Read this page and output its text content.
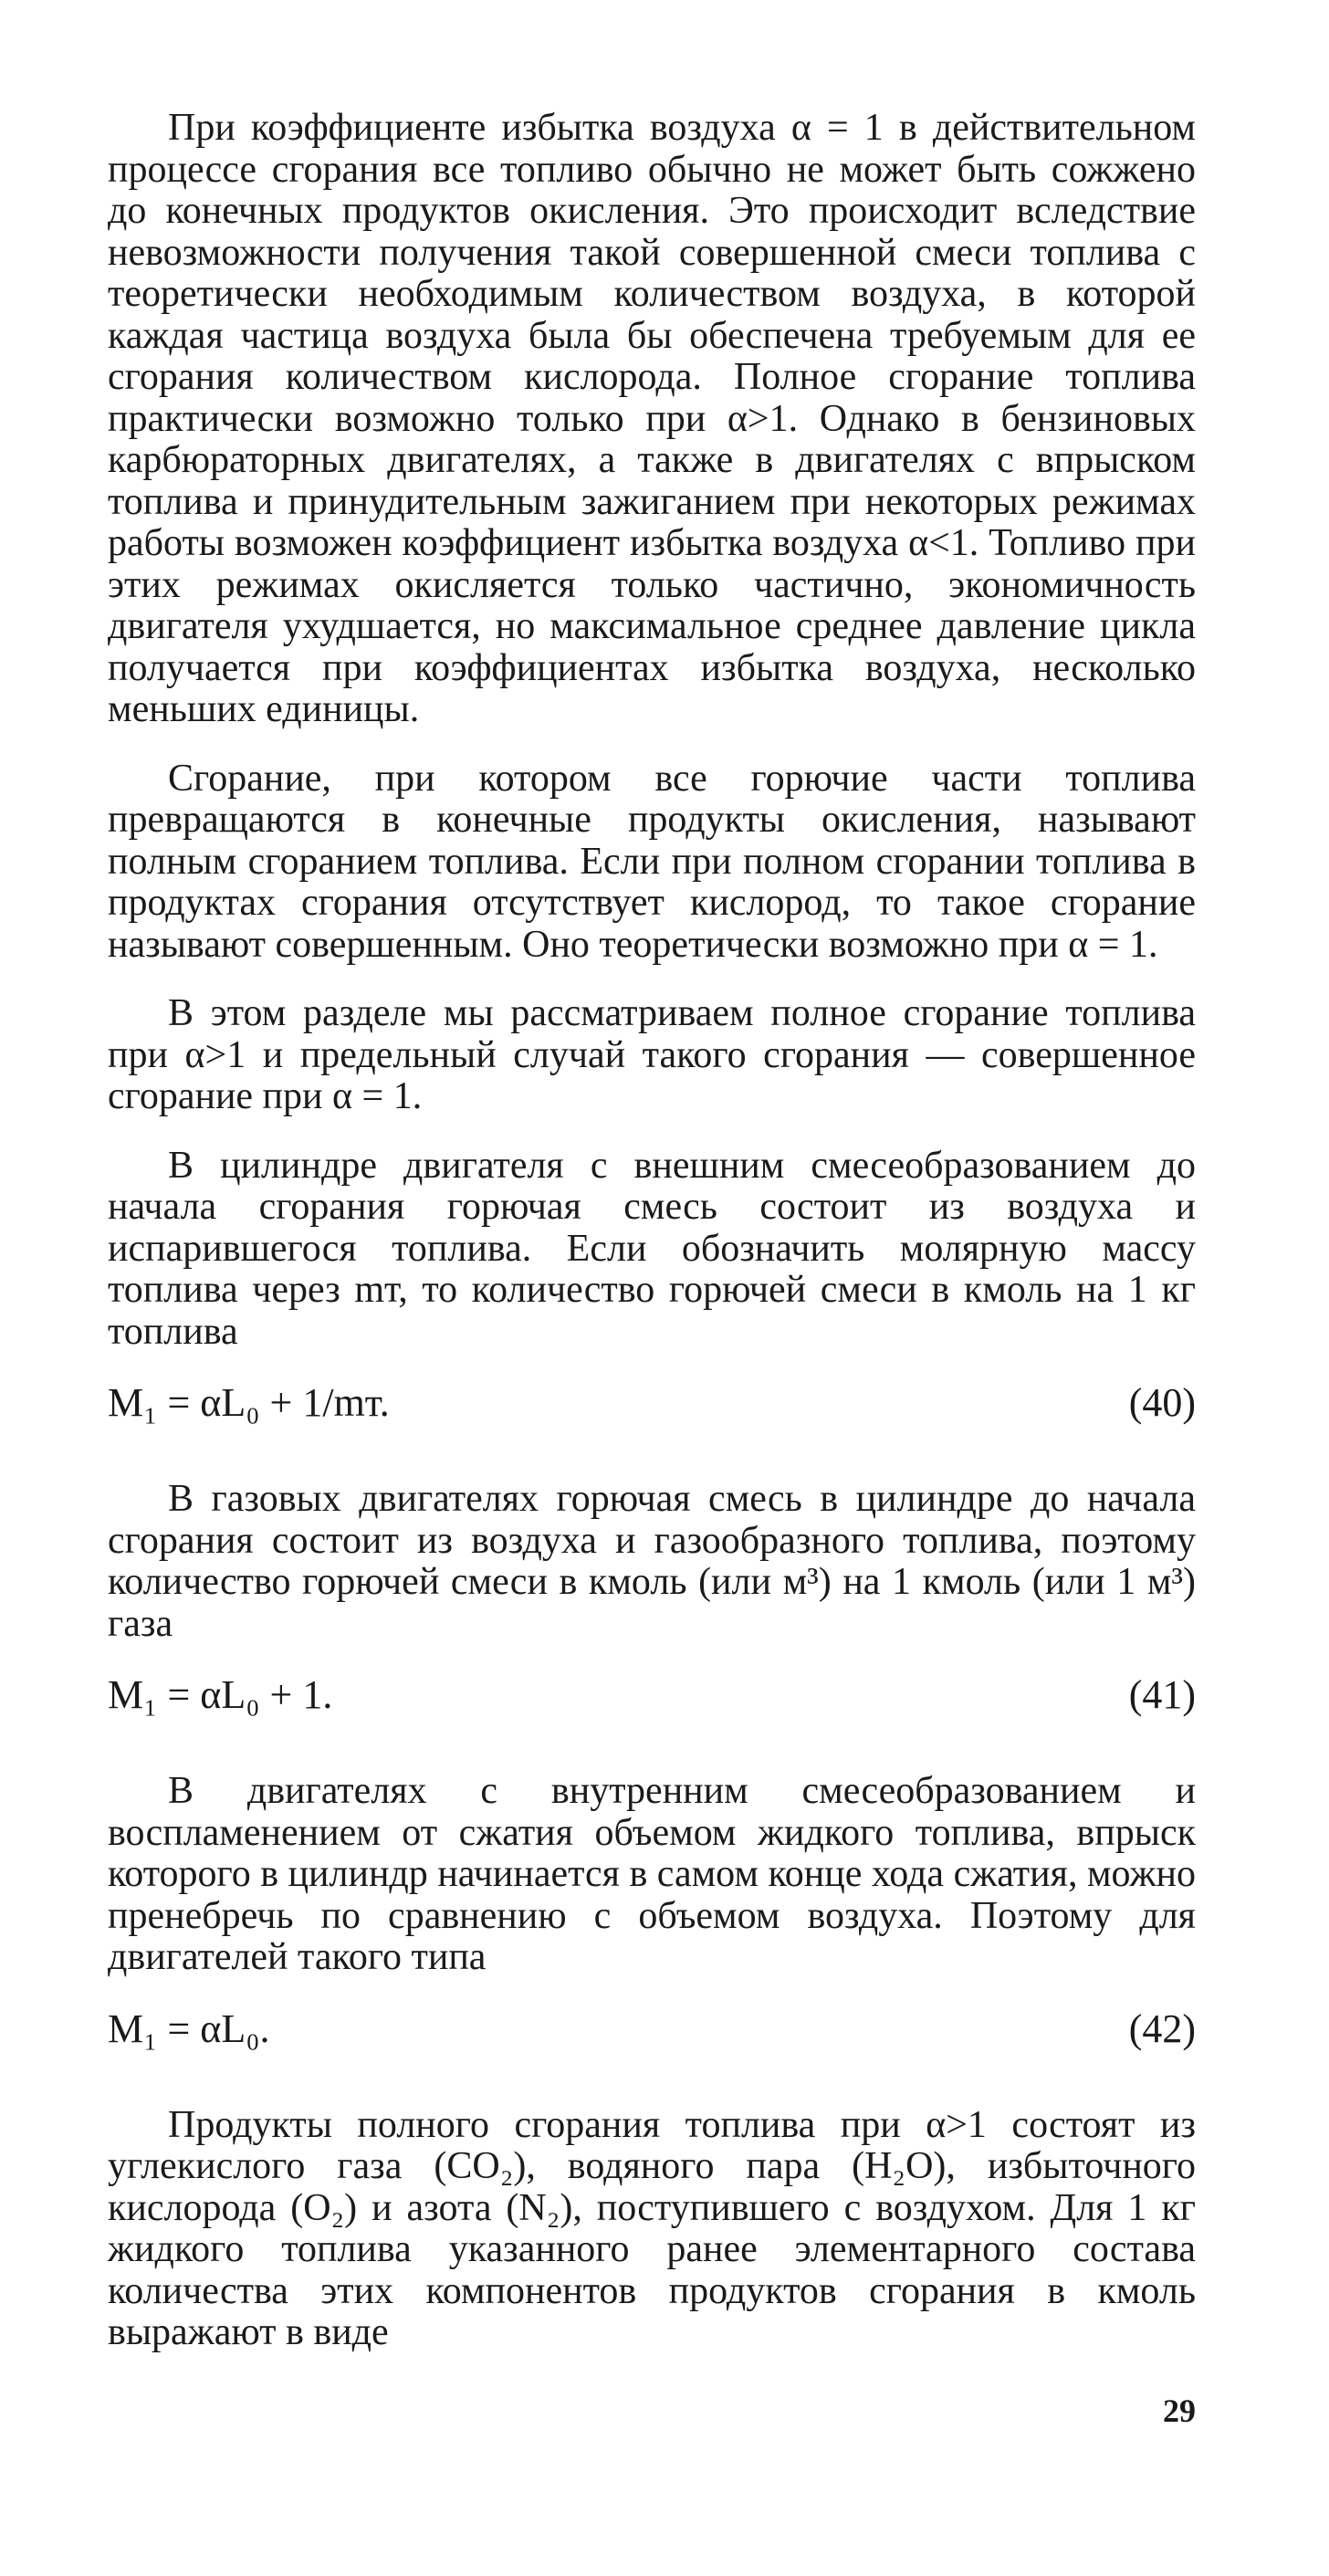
При коэффициенте избытка воздуха α = 1 в действительном процессе сгорания все топливо обычно не может быть сожжено до конечных продуктов окисления. Это происходит вследствие невозможности получения такой совершенной смеси топлива с теоретически необходимым количеством воздуха, в которой каждая частица воздуха была бы обеспечена требуемым для ее сгорания количеством кислорода. Полное сгорание топлива практически возможно только при α>1. Однако в бензиновых карбюраторных двигателях, а также в двигателях с впрыском топлива и принудительным зажиганием при некоторых режимах работы возможен коэффициент избытка воздуха α<1. Топливо при этих режимах окисляется только частично, экономичность двигателя ухудшается, но максимальное среднее давление цикла получается при коэффициентах избытка воздуха, несколько меньших единицы.

Сгорание, при котором все горючие части топлива превращаются в конечные продукты окисления, называют полным сгоранием топлива. Если при полном сгорании топлива в продуктах сгорания отсутствует кислород, то такое сгорание называют совершенным. Оно теоретически возможно при α = 1.

В этом разделе мы рассматриваем полное сгорание топлива при α>1 и предельный случай такого сгорания — совершенное сгорание при α = 1.

В цилиндре двигателя с внешним смесеобразованием до начала сгорания горючая смесь состоит из воздуха и испарившегося топлива. Если обозначить молярную массу топлива через mт, то количество горючей смеси в кмоль на 1 кг топлива

M₁ = αL₀ + 1/mт.	(40)

В газовых двигателях горючая смесь в цилиндре до начала сгорания состоит из воздуха и газообразного топлива, поэтому количество горючей смеси в кмоль (или м³) на 1 кмоль (или 1 м³) газа

M₁ = αL₀ + 1.	(41)

В двигателях с внутренним смесеобразованием и воспламенением от сжатия объемом жидкого топлива, впрыск которого в цилиндр начинается в самом конце хода сжатия, можно пренебречь по сравнению с объемом воздуха. Поэтому для двигателей такого типа

M₁ = αL₀.	(42)

Продукты полного сгорания топлива при α>1 состоят из углекислого газа (CO₂), водяного пара (H₂O), избыточного кислорода (O₂) и азота (N₂), поступившего с воздухом. Для 1 кг жидкого топлива указанного ранее элементарного состава количества этих компонентов продуктов сгорания в кмоль выражают в виде

29
